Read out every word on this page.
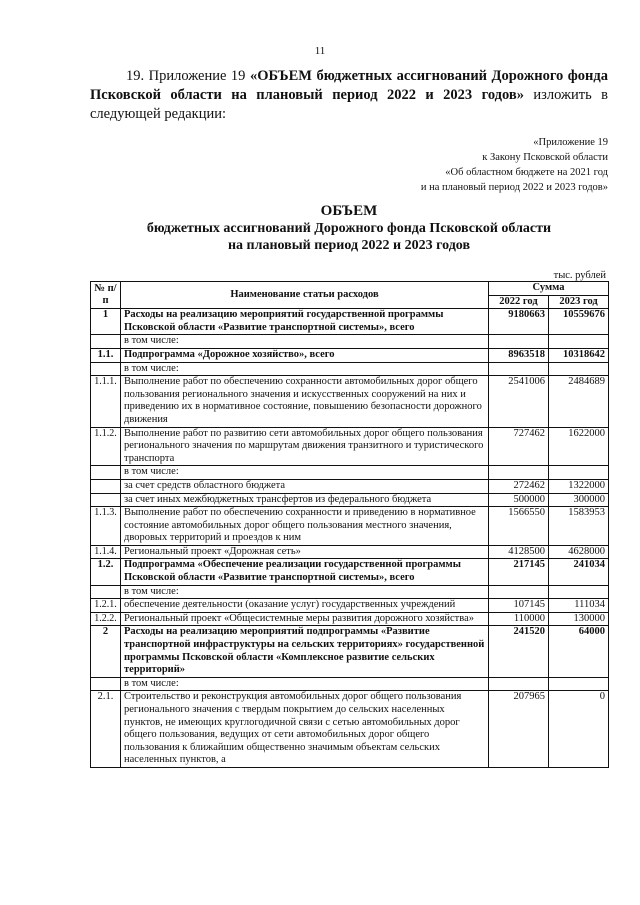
11
19. Приложение 19 «ОБЪЕМ бюджетных ассигнований Дорожного фонда Псковской области на плановый период 2022 и 2023 годов» изложить в следующей редакции:
«Приложение 19
к Закону Псковской области
«Об областном бюджете на 2021 год
и на плановый период 2022 и 2023 годов»
ОБЪЕМ
бюджетных ассигнований Дорожного фонда Псковской области
на плановый период 2022 и 2023 годов
тыс. рублей
№ п/п	Наименование статьи расходов	Сумма	
		2022 год	2023 год
1	Расходы на реализацию мероприятий государственной программы Псковской области «Развитие транспортной системы», всего	9180663	10559676
	в том числе:		
1.1.	Подпрограмма «Дорожное хозяйство», всего	8963518	10318642
	в том числе:		
1.1.1.	Выполнение работ по обеспечению сохранности автомобильных дорог общего пользования регионального значения и искусственных сооружений на них и приведению их в нормативное состояние, повышению безопасности дорожного движения	2541006	2484689
1.1.2.	Выполнение работ по развитию сети автомобильных дорог общего пользования регионального значения по маршрутам движения транзитного и туристического транспорта	727462	1622000
	в том числе:		
	за счет средств областного бюджета	272462	1322000
	за счет иных межбюджетных трансфертов из федерального бюджета	500000	300000
1.1.3.	Выполнение работ по обеспечению сохранности и приведению в нормативное состояние автомобильных дорог общего пользования местного значения, дворовых территорий и проездов к ним	1566550	1583953
1.1.4.	Региональный проект «Дорожная сеть»	4128500	4628000
1.2.	Подпрограмма «Обеспечение реализации государственной программы Псковской области «Развитие транспортной системы», всего	217145	241034
	в том числе:		
1.2.1.	обеспечение деятельности (оказание услуг) государственных учреждений	107145	111034
1.2.2.	Региональный проект «Общесистемные меры развития дорожного хозяйства»	110000	130000
2	Расходы на реализацию мероприятий подпрограммы «Развитие транспортной инфраструктуры на сельских территориях» государственной программы Псковской области «Комплексное развитие сельских территорий»	241520	64000
	в том числе:		
2.1.	Строительство и реконструкция автомобильных дорог общего пользования регионального значения с твердым покрытием до сельских населенных пунктов, не имеющих круглогодичной связи с сетью автомобильных дорог общего пользования, ведущих от сети автомобильных дорог общего пользования к ближайшим общественно значимым объектам сельских населенных пунктов, а	207965	0
